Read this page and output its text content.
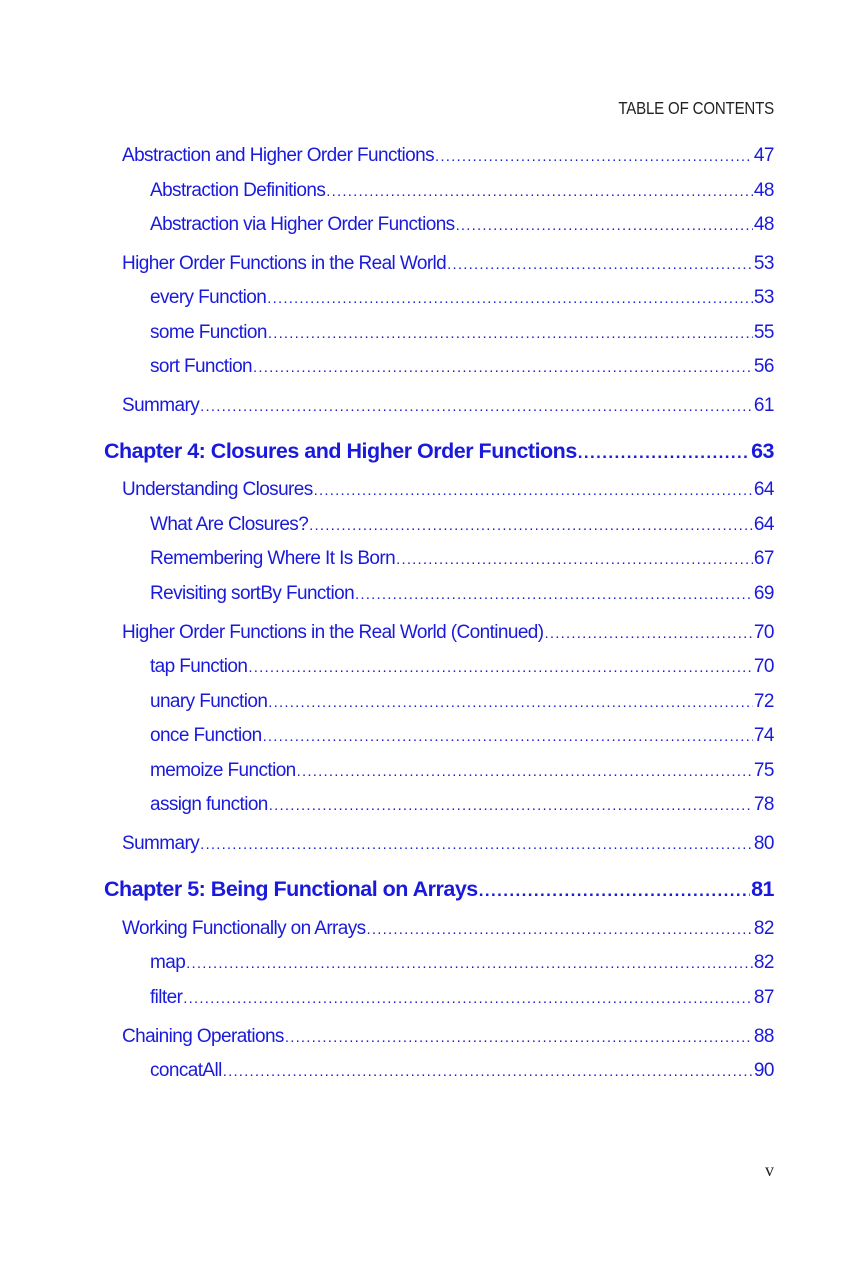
TABLE OF CONTENTS
Abstraction and Higher Order Functions .....	47
Abstraction Definitions .....	48
Abstraction via Higher Order Functions .....	48
Higher Order Functions in the Real World .....	53
every Function .....	53
some Function .....	55
sort Function .....	56
Summary .....	61
Chapter 4: Closures and Higher Order Functions .....	63
Understanding Closures .....	64
What Are Closures? .....	64
Remembering Where It Is Born .....	67
Revisiting sortBy Function .....	69
Higher Order Functions in the Real World (Continued) .....	70
tap Function .....	70
unary Function .....	72
once Function .....	74
memoize Function .....	75
assign function .....	78
Summary .....	80
Chapter 5: Being Functional on Arrays .....	81
Working Functionally on Arrays .....	82
map .....	82
filter .....	87
Chaining Operations .....	88
concatAll .....	90
v
